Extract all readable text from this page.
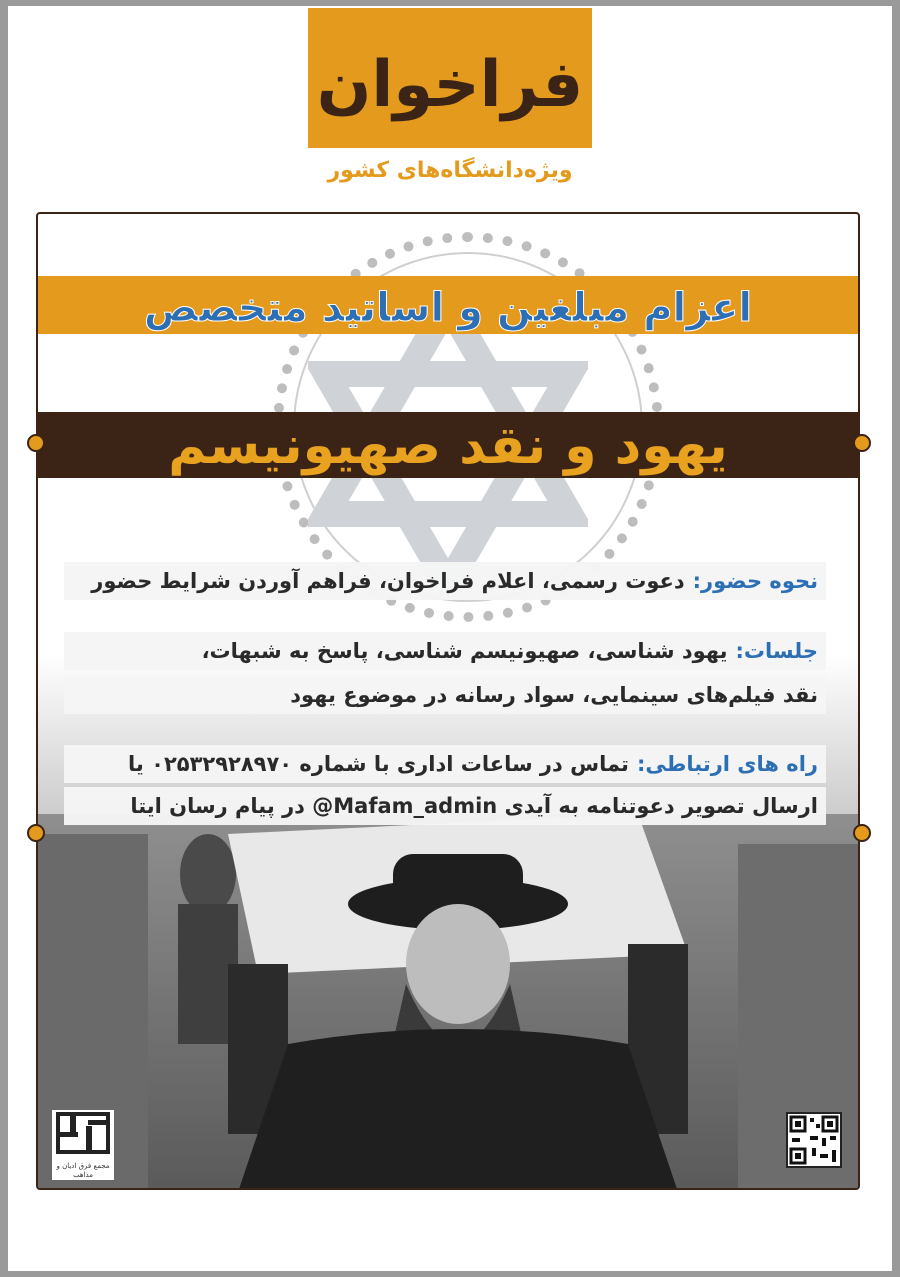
فراخوان
ویژه‌دانشگاه‌های کشور
اعزام مبلغین و اساتید متخصص
یهود و نقد صهیونیسم
نحوه حضور:
دعوت رسمی، اعلام فراخوان، فراهم آوردن شرایط حضور
جلسات:
یهود شناسی، صهیونیسم شناسی، پاسخ به شبهات،
نقد فیلم‌های سینمایی، سواد رسانه در موضوع یهود
راه های ارتباطی:
تماس در ساعات اداری با شماره ۰۲۵۳۲۹۲۸۹۷۰ یا
ارسال تصویر دعوتنامه به آیدی Mafam_admin@ در پیام رسان ایتا
مجمع فرق ادیان و مذاهب
